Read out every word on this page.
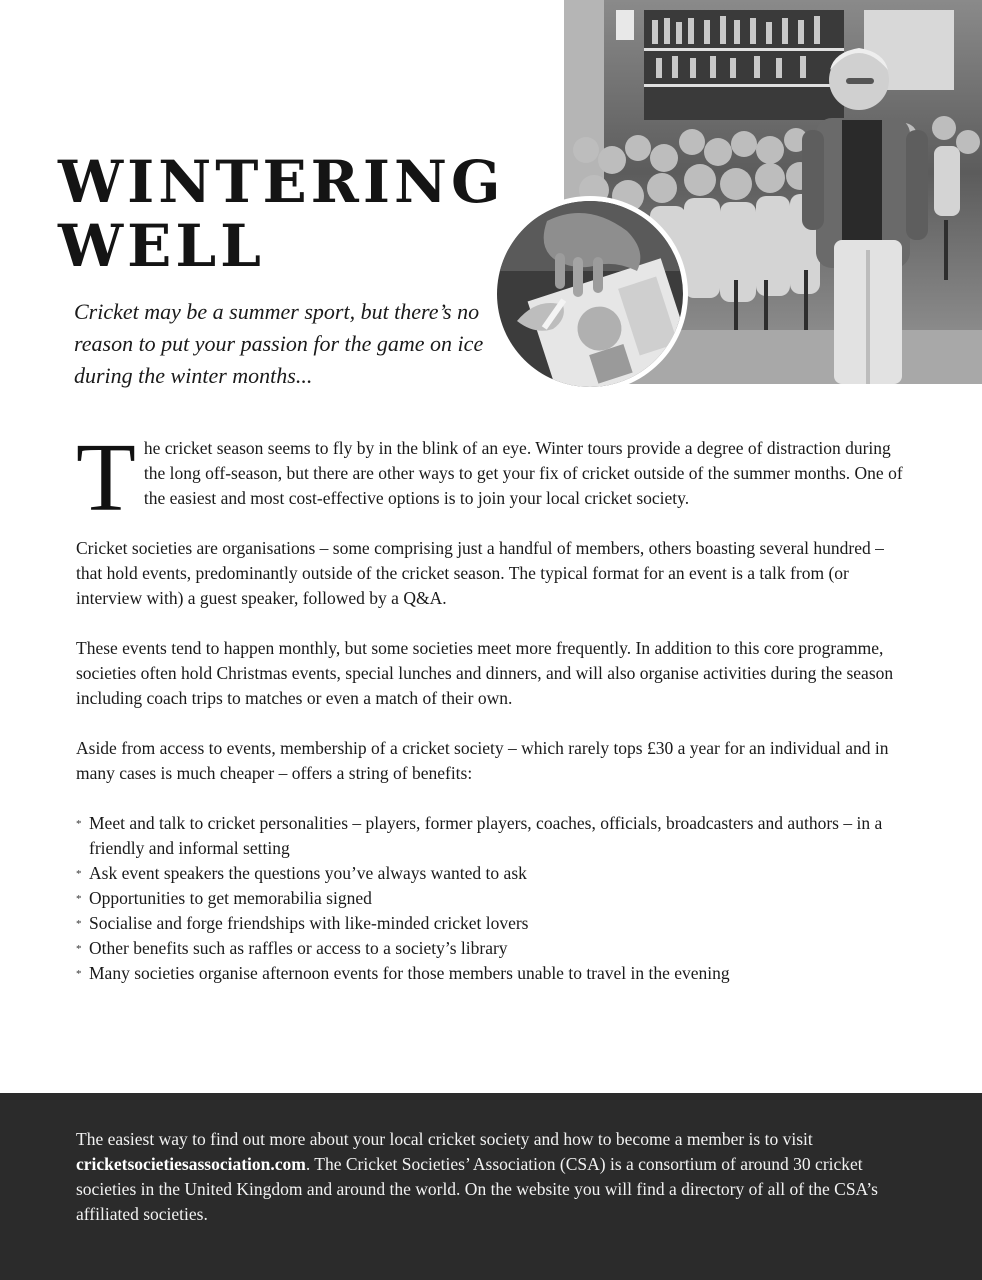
WINTERING
WELL

Cricket may be a summer sport, but there’s no reason to put your passion for the game on ice during the winter months...

The cricket season seems to fly by in the blink of an eye. Winter tours provide a degree of distraction during the long off-season, but there are other ways to get your fix of cricket outside of the summer months. One of the easiest and most cost-effective options is to join your local cricket society.

Cricket societies are organisations – some comprising just a handful of members, others boasting several hundred – that hold events, predominantly outside of the cricket season. The typical format for an event is a talk from (or interview with) a guest speaker, followed by a Q&A.

These events tend to happen monthly, but some societies meet more frequently. In addition to this core programme, societies often hold Christmas events, special lunches and dinners, and will also organise activities during the season including coach trips to matches or even a match of their own.

Aside from access to events, membership of a cricket society – which rarely tops £30 a year for an individual and in many cases is much cheaper – offers a string of benefits:

* Meet and talk to cricket personalities – players, former players, coaches, officials, broadcasters and authors – in a friendly and informal setting
* Ask event speakers the questions you’ve always wanted to ask
* Opportunities to get memorabilia signed
* Socialise and forge friendships with like-minded cricket lovers
* Other benefits such as raffles or access to a society’s library
* Many societies organise afternoon events for those members unable to travel in the evening

The easiest way to find out more about your local cricket society and how to become a member is to visit cricketsocietiesassociation.com. The Cricket Societies’ Association (CSA) is a consortium of around 30 cricket societies in the United Kingdom and around the world. On the website you will find a directory of all of the CSA’s affiliated societies.
